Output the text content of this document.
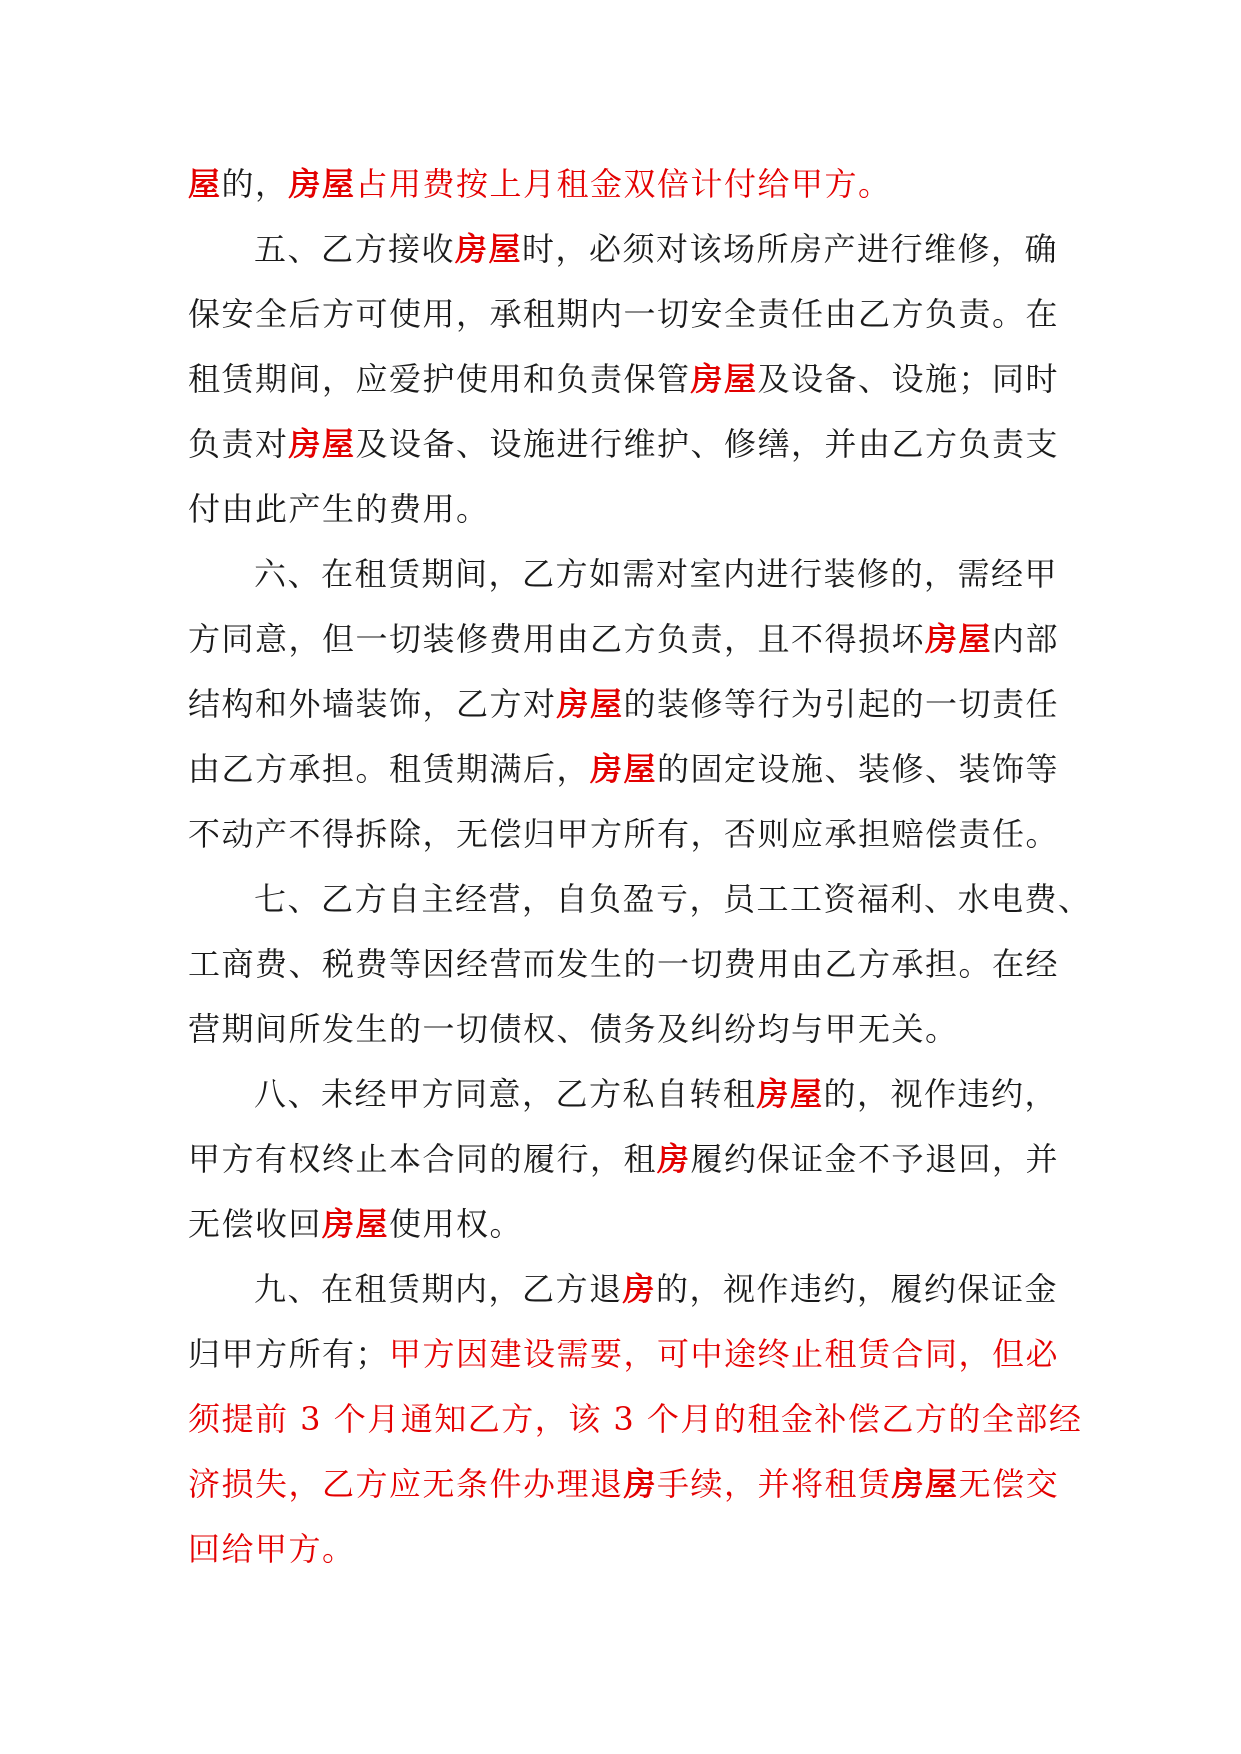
屋的，房屋占用费按上月租金双倍计付给甲方。
五、乙方接收房屋时，必须对该场所房产进行维修，确
保安全后方可使用，承租期内一切安全责任由乙方负责。在
租赁期间，应爱护使用和负责保管房屋及设备、设施；同时
负责对房屋及设备、设施进行维护、修缮，并由乙方负责支
付由此产生的费用。
六、在租赁期间，乙方如需对室内进行装修的，需经甲
方同意，但一切装修费用由乙方负责，且不得损坏房屋内部
结构和外墙装饰，乙方对房屋的装修等行为引起的一切责任
由乙方承担。租赁期满后，房屋的固定设施、装修、装饰等
不动产不得拆除，无偿归甲方所有，否则应承担赔偿责任。
七、乙方自主经营，自负盈亏，员工工资福利、水电费、
工商费、税费等因经营而发生的一切费用由乙方承担。在经
营期间所发生的一切债权、债务及纠纷均与甲无关。
八、未经甲方同意，乙方私自转租房屋的，视作违约，
甲方有权终止本合同的履行，租房履约保证金不予退回，并
无偿收回房屋使用权。
九、在租赁期内，乙方退房的，视作违约，履约保证金
归甲方所有；甲方因建设需要，可中途终止租赁合同，但必
须提前 3 个月通知乙方，该 3 个月的租金补偿乙方的全部经
济损失，乙方应无条件办理退房手续，并将租赁房屋无偿交
回给甲方。
